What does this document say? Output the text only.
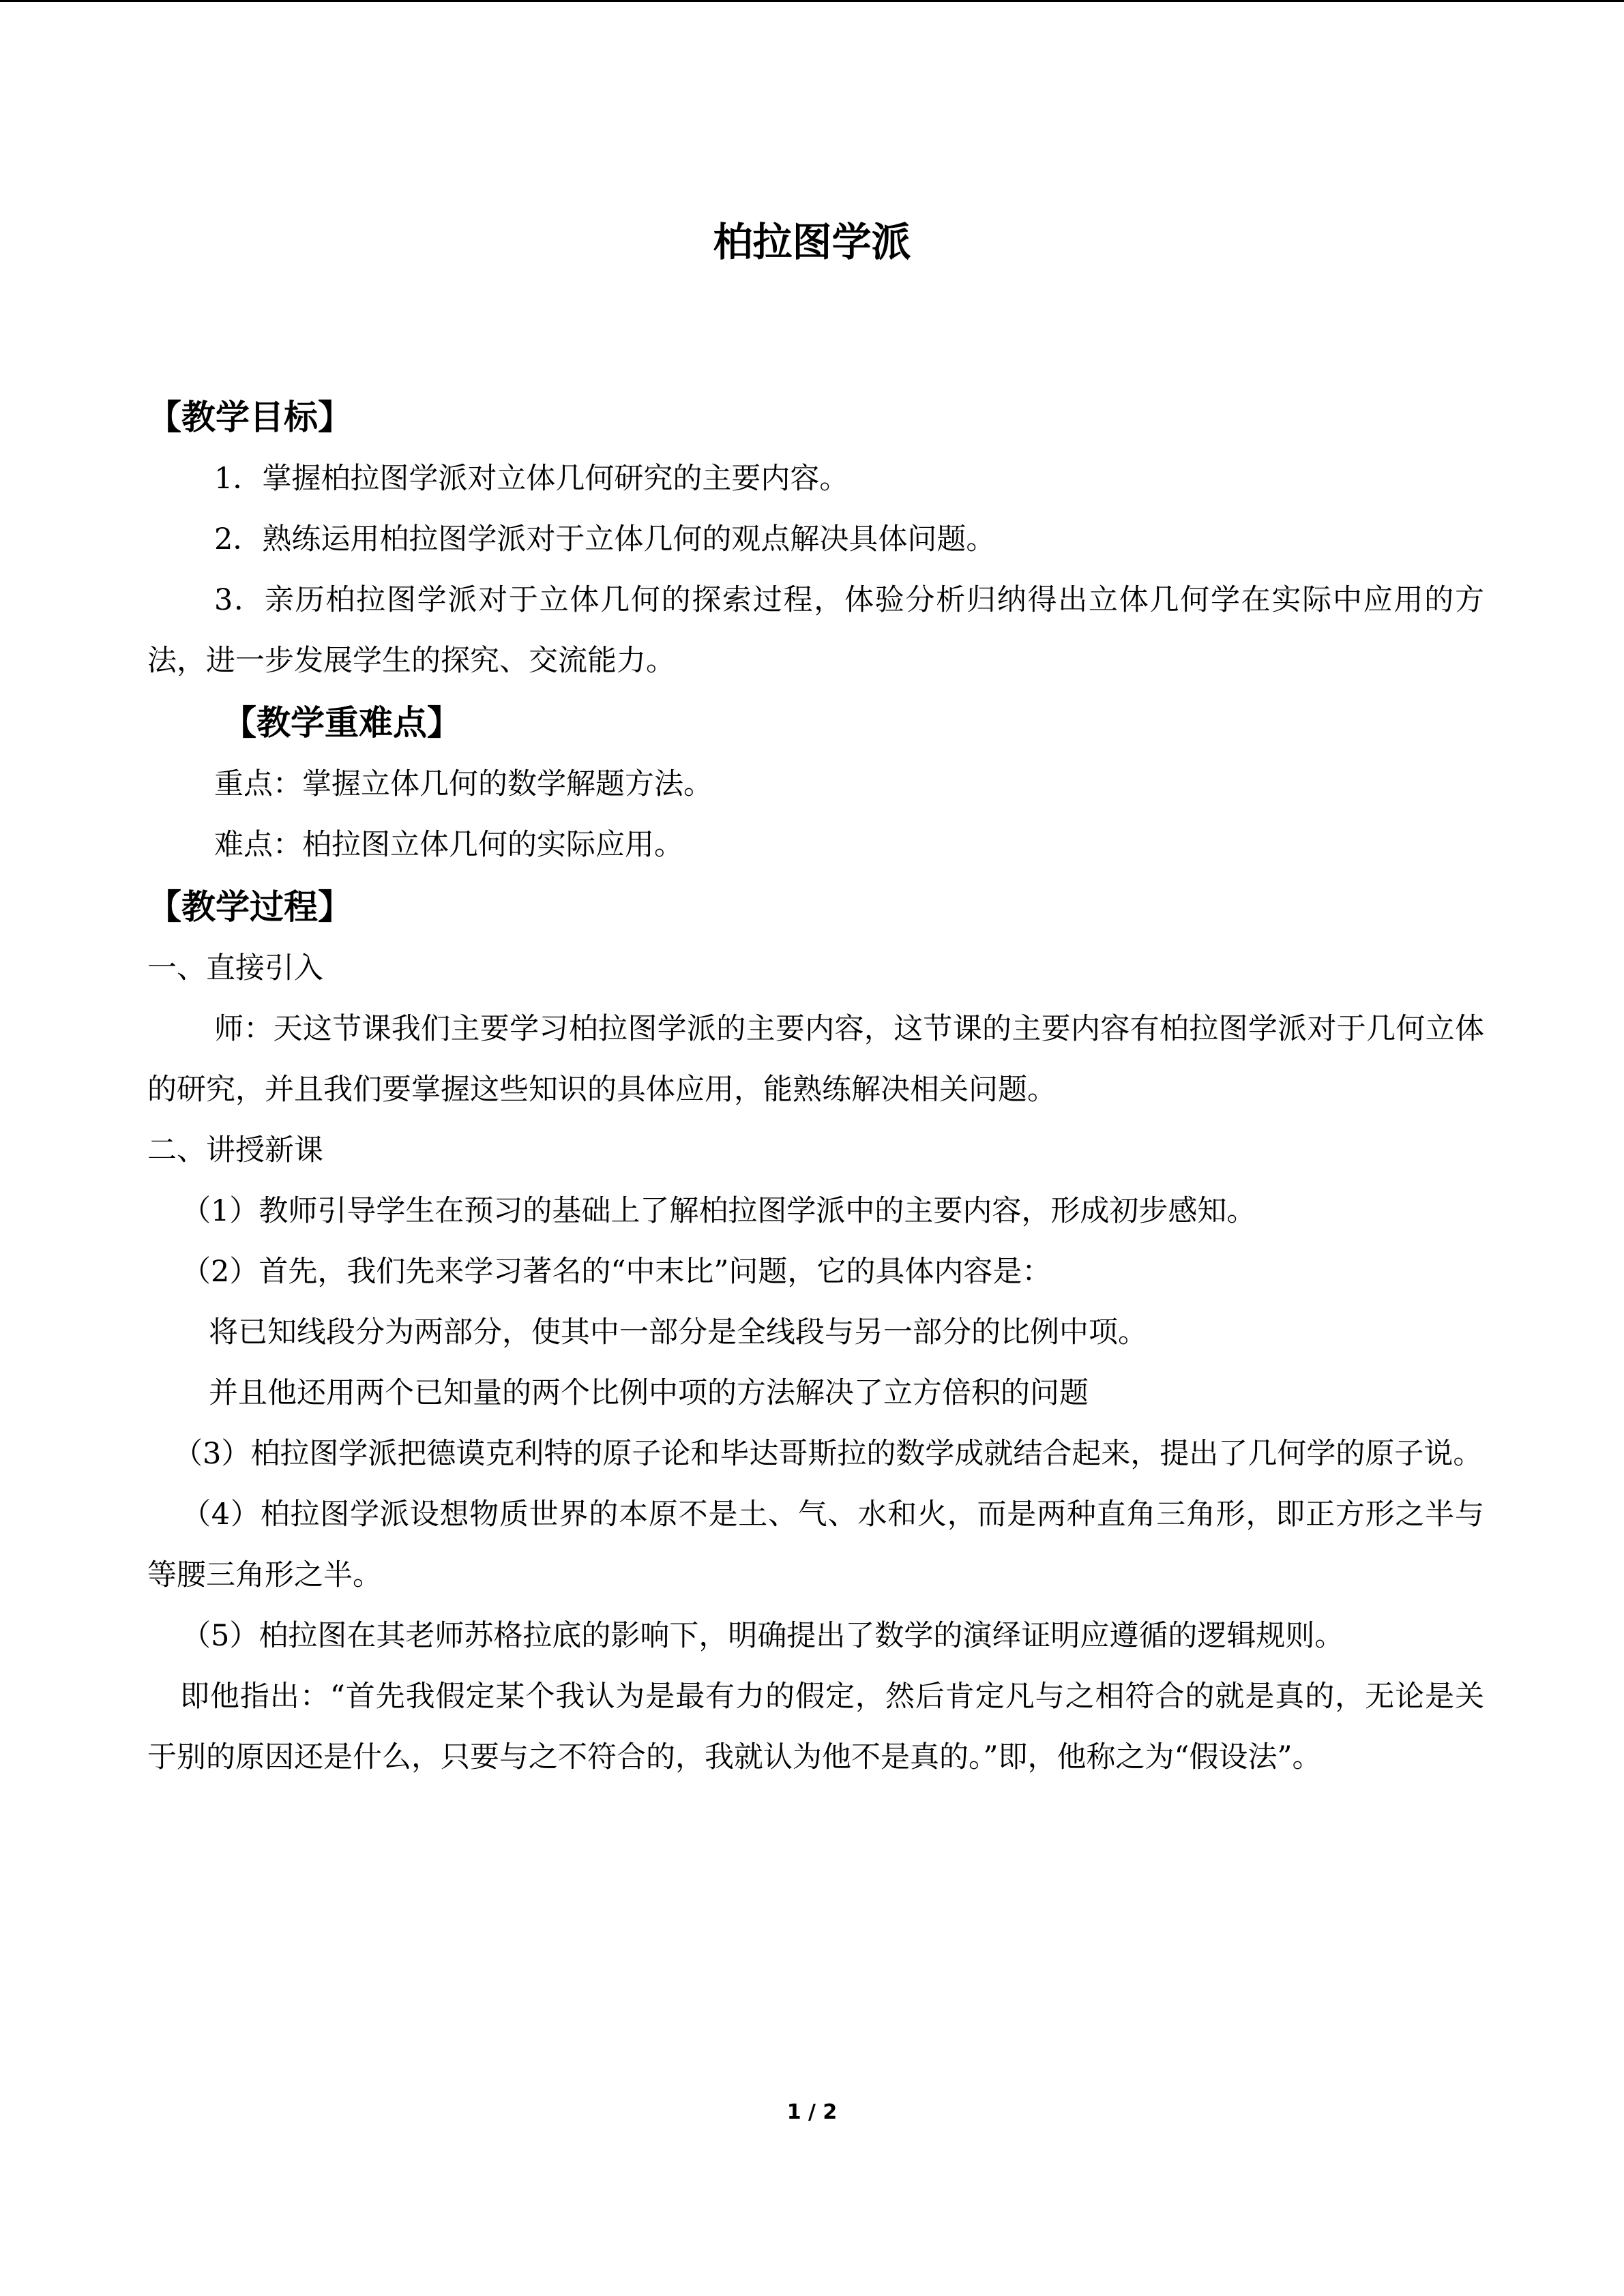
柏拉图学派
【教学目标】

1．掌握柏拉图学派对立体几何研究的主要内容。

2．熟练运用柏拉图学派对于立体几何的观点解决具体问题。

3．亲历柏拉图学派对于立体几何的探索过程，体验分析归纳得出立体几何学在实际中应用的方法，进一步发展学生的探究、交流能力。

【教学重难点】

重点：掌握立体几何的数学解题方法。

难点：柏拉图立体几何的实际应用。

【教学过程】

一、直接引入

师：天这节课我们主要学习柏拉图学派的主要内容，这节课的主要内容有柏拉图学派对于几何立体的研究，并且我们要掌握这些知识的具体应用，能熟练解决相关问题。

二、讲授新课

（1）教师引导学生在预习的基础上了解柏拉图学派中的主要内容，形成初步感知。

（2）首先，我们先来学习著名的“中末比”问题，它的具体内容是：

将已知线段分为两部分，使其中一部分是全线段与另一部分的比例中项。

并且他还用两个已知量的两个比例中项的方法解决了立方倍积的问题

（3）柏拉图学派把德谟克利特的原子论和毕达哥斯拉的数学成就结合起来，提出了几何学的原子说。

（4）柏拉图学派设想物质世界的本原不是土、气、水和火，而是两种直角三角形，即正方形之半与等腰三角形之半。

（5）柏拉图在其老师苏格拉底的影响下，明确提出了数学的演绎证明应遵循的逻辑规则。

即他指出：“首先我假定某个我认为是最有力的假定，然后肯定凡与之相符合的就是真的，无论是关于别的原因还是什么，只要与之不符合的，我就认为他不是真的。”即，他称之为“假设法”。

1 / 2
